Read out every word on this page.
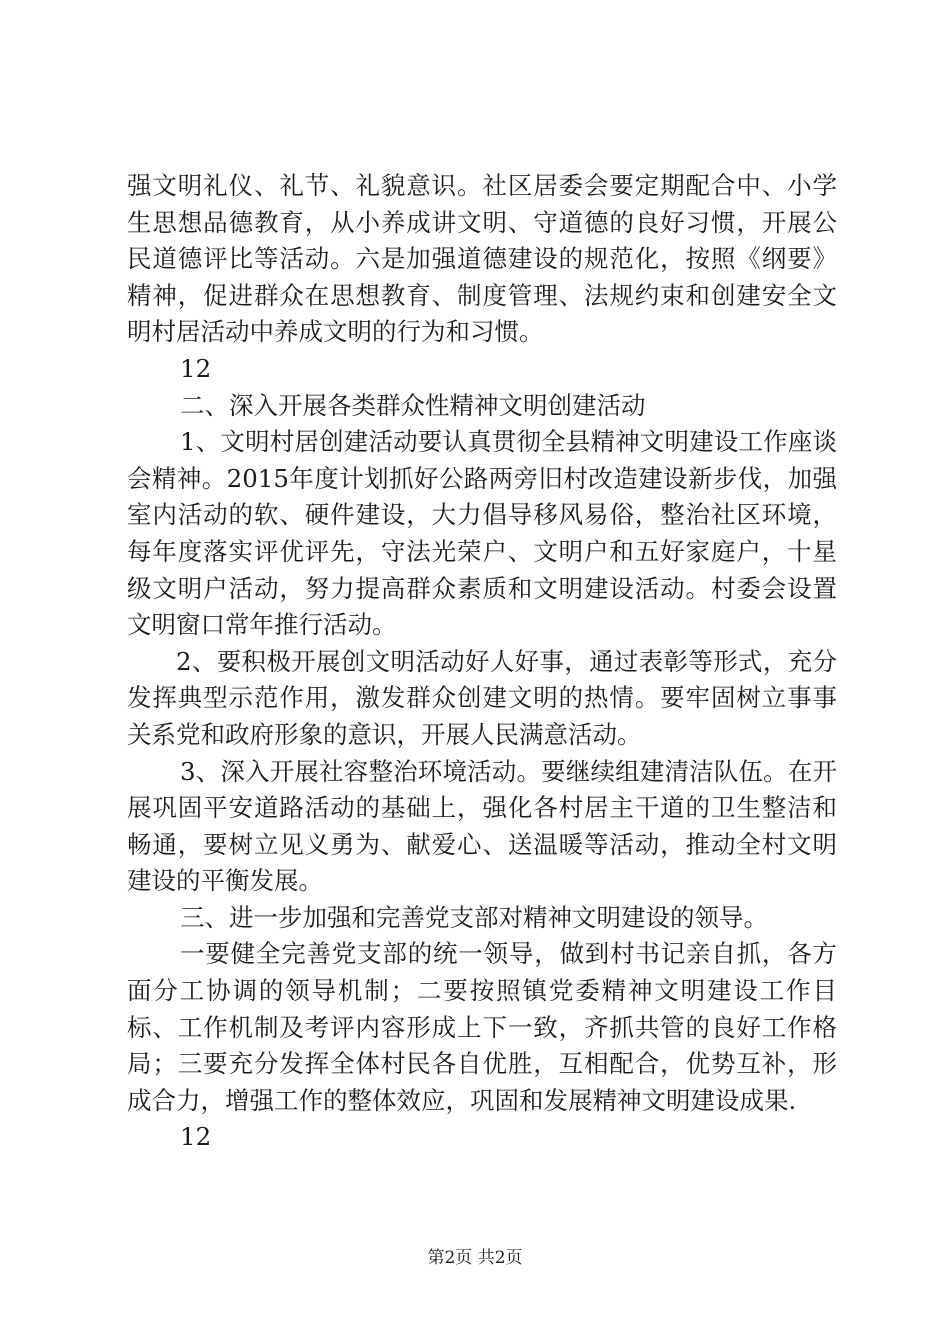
强文明礼仪、礼节、礼貌意识。社区居委会要定期配合中、小学生思想品德教育，从小养成讲文明、守道德的良好习惯，开展公民道德评比等活动。六是加强道德建设的规范化，按照《纲要》精神，促进群众在思想教育、制度管理、法规约束和创建安全文明村居活动中养成文明的行为和习惯。

12

二、深入开展各类群众性精神文明创建活动

1、文明村居创建活动要认真贯彻全县精神文明建设工作座谈会精神。2015年度计划抓好公路两旁旧村改造建设新步伐，加强室内活动的软、硬件建设，大力倡导移风易俗，整治社区环境，每年度落实评优评先，守法光荣户、文明户和五好家庭户，十星级文明户活动，努力提高群众素质和文明建设活动。村委会设置文明窗口常年推行活动。

2、要积极开展创文明活动好人好事，通过表彰等形式，充分发挥典型示范作用，激发群众创建文明的热情。要牢固树立事事关系党和政府形象的意识，开展人民满意活动。

3、深入开展社容整治环境活动。要继续组建清洁队伍。在开展巩固平安道路活动的基础上，强化各村居主干道的卫生整洁和畅通，要树立见义勇为、献爱心、送温暖等活动，推动全村文明建设的平衡发展。

三、进一步加强和完善党支部对精神文明建设的领导。

一要健全完善党支部的统一领导，做到村书记亲自抓，各方面分工协调的领导机制；二要按照镇党委精神文明建设工作目标、工作机制及考评内容形成上下一致，齐抓共管的良好工作格局；三要充分发挥全体村民各自优胜，互相配合，优势互补，形成合力，增强工作的整体效应，巩固和发展精神文明建设成果.

12

第2页 共2页
